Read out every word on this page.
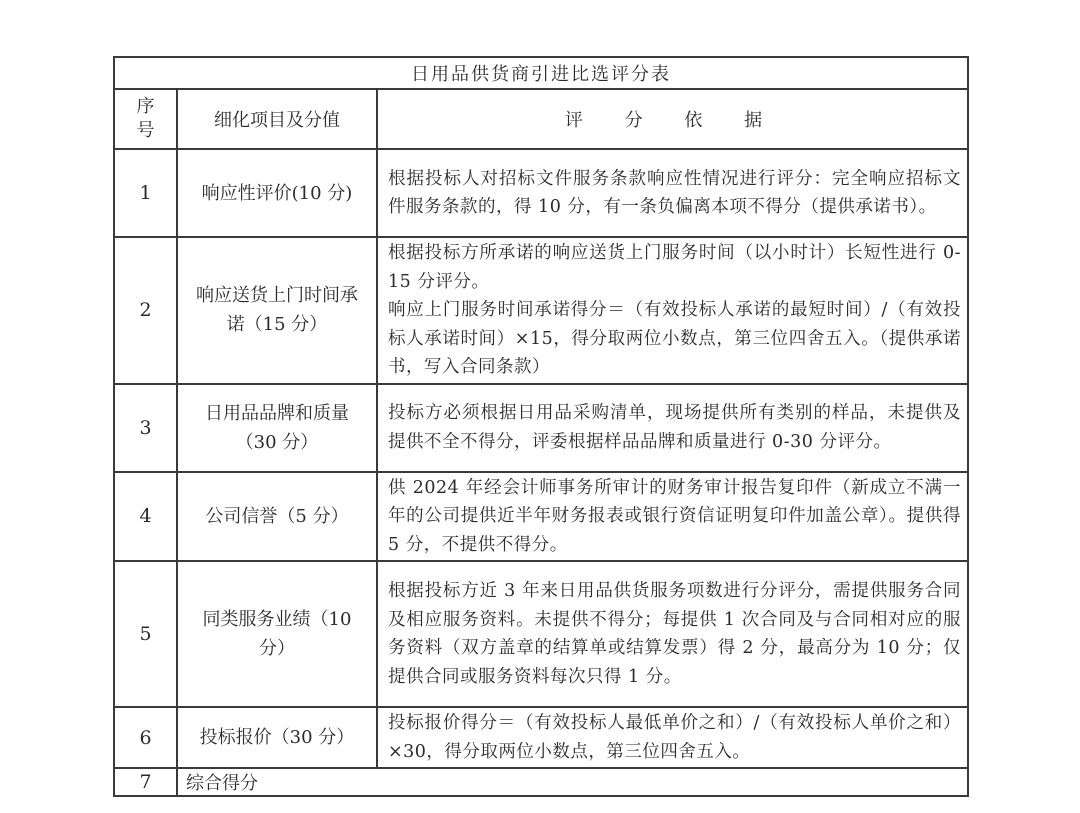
日用品供货商引进比选评分表		

序号	细化项目及分值	评 分 依 据
1	响应性评价(10 分)	根据投标人对招标文件服务条款响应性情况进行评分：完全响应招标文件服务条款的，得 10 分，有一条负偏离本项不得分（提供承诺书）。
2	响应送货上门时间承诺（15 分）	根据投标方所承诺的响应送货上门服务时间（以小时计）长短性进行 0-15 分评分。
响应上门服务时间承诺得分＝（有效投标人承诺的最短时间）/（有效投标人承诺时间）×15，得分取两位小数点，第三位四舍五入。（提供承诺书，写入合同条款）

3	日用品品牌和质量（30 分）	投标方必须根据日用品采购清单，现场提供所有类别的样品，未提供及提供不全不得分，评委根据样品品牌和质量进行 0-30 分评分。
4	公司信誉（5 分）	供 2024 年经会计师事务所审计的财务审计报告复印件（新成立不满一年的公司提供近半年财务报表或银行资信证明复印件加盖公章）。提供得 5 分，不提供不得分。
5	同类服务业绩（10 分）	根据投标方近 3 年来日用品供货服务项数进行分评分，需提供服务合同及相应服务资料。未提供不得分；每提供 1 次合同及与合同相对应的服务资料（双方盖章的结算单或结算发票）得 2 分，最高分为 10 分；仅提供合同或服务资料每次只得 1 分。
6	投标报价（30 分）	投标报价得分＝（有效投标人最低单价之和）/（有效投标人单价之和）×30，得分取两位小数点，第三位四舍五入。
7	综合得分	
